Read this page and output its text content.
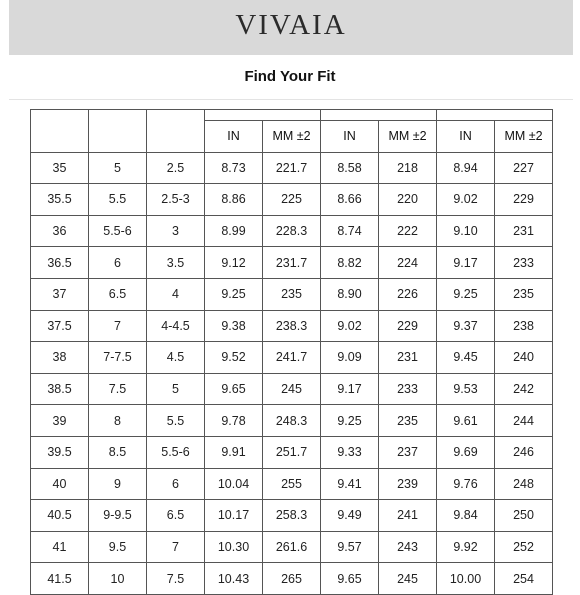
VIVAIA
Find Your Fit

			IN	MM ±2	IN	MM ±2	IN	MM ±2
35	5	2.5	8.73	221.7	8.58	218	8.94	227
35.5	5.5	2.5-3	8.86	225	8.66	220	9.02	229
36	5.5-6	3	8.99	228.3	8.74	222	9.10	231
36.5	6	3.5	9.12	231.7	8.82	224	9.17	233
37	6.5	4	9.25	235	8.90	226	9.25	235
37.5	7	4-4.5	9.38	238.3	9.02	229	9.37	238
38	7-7.5	4.5	9.52	241.7	9.09	231	9.45	240
38.5	7.5	5	9.65	245	9.17	233	9.53	242
39	8	5.5	9.78	248.3	9.25	235	9.61	244
39.5	8.5	5.5-6	9.91	251.7	9.33	237	9.69	246
40	9	6	10.04	255	9.41	239	9.76	248
40.5	9-9.5	6.5	10.17	258.3	9.49	241	9.84	250
41	9.5	7	10.30	261.6	9.57	243	9.92	252
41.5	10	7.5	10.43	265	9.65	245	10.00	254
